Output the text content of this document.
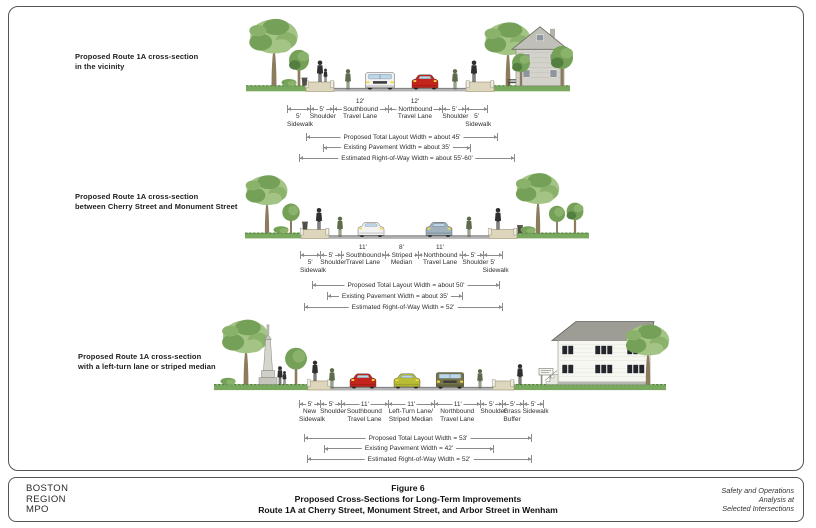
Proposed Route 1A cross-section
in the vicinity
Proposed Route 1A cross-section
between Cherry Street and Monument Street
Proposed Route 1A cross-section
with a left-turn lane or striped median
BOSTON
REGION
MPO
Figure 6
Proposed Cross-Sections for Long-Term Improvements
Route 1A at Cherry Street, Monument Street, and Arbor Street in Wenham
Safety and Operations
Analysis at
Selected Intersections

5'
Sidewalk

5'
Shoulder
12'
Southbound
Travel Lane
12'
Northbound
Travel Lane

5'
Shoulder
5'
Sidewalk
Proposed Total Layout Width = about 45'
Existing Pavement Width = about 35'
Estimated Right-of-Way Width = about 55'-60'

5'
Sidewalk

5'
Shoulder
11'
Southbound
Travel Lane
8'
Striped
Median
11'
Northbound
Travel Lane

5'
Shoulder
5'
Sidewalk
Proposed Total Layout Width = about 50'
Existing Pavement Width = about 35'
Estimated Right-of-Way Width = 52'
5'
New
Sidewalk
5'
Shoulder
11'
Southbound
Travel Lane
11'
Left-Turn Lane/
Striped Median
11'
Northbound
Travel Lane
5'
Shoulder
5'
Grass
Buffer
5'
Sidewalk
Proposed Total Layout Width = 53'
Existing Pavement Width = 42'
Estimated Right-of-Way Width = 52'
